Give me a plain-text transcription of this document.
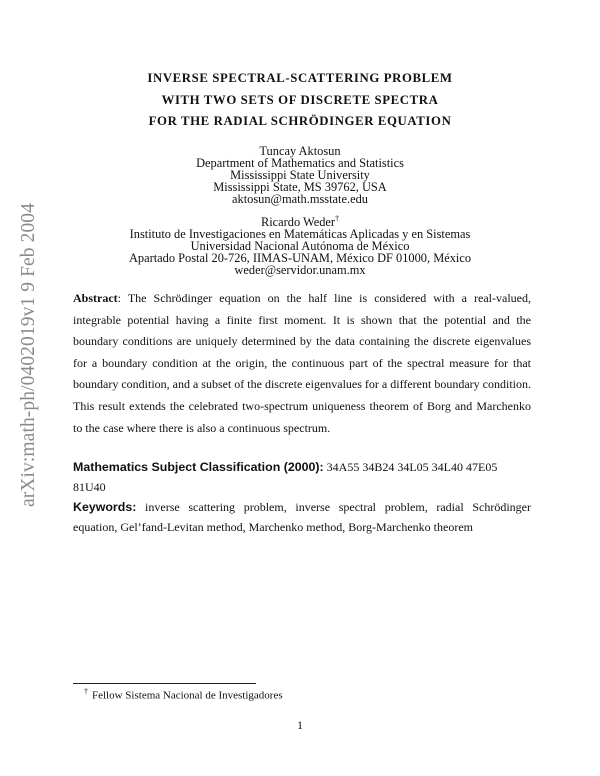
arXiv:math-ph/0402019v1 9 Feb 2004
INVERSE SPECTRAL-SCATTERING PROBLEM
WITH TWO SETS OF DISCRETE SPECTRA
FOR THE RADIAL SCHRÖDINGER EQUATION
Tuncay Aktosun
Department of Mathematics and Statistics
Mississippi State University
Mississippi State, MS 39762, USA
aktosun@math.msstate.edu
Ricardo Weder†
Instituto de Investigaciones en Matemáticas Aplicadas y en Sistemas
Universidad Nacional Autónoma de México
Apartado Postal 20-726, IIMAS-UNAM, México DF 01000, México
weder@servidor.unam.mx

Abstract: The Schrödinger equation on the half line is considered with a real-valued, integrable potential having a finite first moment. It is shown that the potential and the boundary conditions are uniquely determined by the data containing the discrete eigenvalues for a boundary condition at the origin, the continuous part of the spectral measure for that boundary condition, and a subset of the discrete eigenvalues for a different boundary condition. This result extends the celebrated two-spectrum uniqueness theorem of Borg and Marchenko to the case where there is also a continuous spectrum.

Mathematics Subject Classification (2000): 34A55 34B24 34L05 34L40 47E05 81U40

Keywords: inverse scattering problem, inverse spectral problem, radial Schrödinger equation, Gel’fand-Levitan method, Marchenko method, Borg-Marchenko theorem

† Fellow Sistema Nacional de Investigadores
1
